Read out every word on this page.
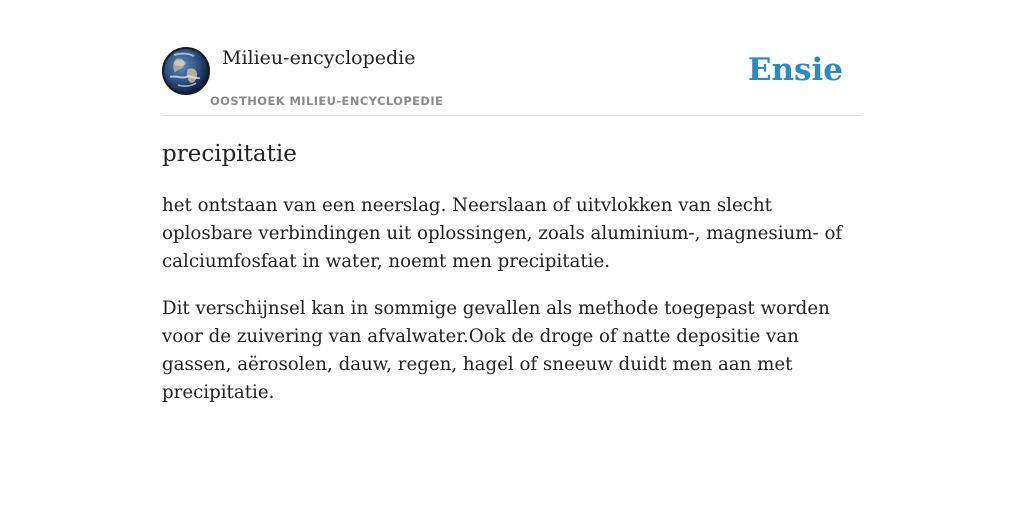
Milieu-encyclopedie
OOSTHOEK MILIEU-ENCYCLOPEDIE
Ensie
precipitatie

het ontstaan van een neerslag. Neerslaan of uitvlokken van slecht oplosbare verbindingen uit oplossingen, zoals aluminium-, magnesium- of calciumfosfaat in water, noemt men precipitatie.

Dit verschijnsel kan in sommige gevallen als methode toegepast worden voor de zuivering van afvalwater.Ook de droge of natte depositie van gassen, aërosolen, dauw, regen, hagel of sneeuw duidt men aan met precipitatie.
